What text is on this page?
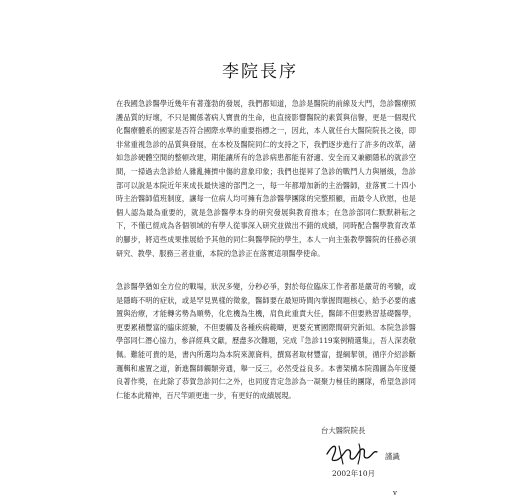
李院長序

在我國急診醫學近幾年有著蓬勃的發展，我們都知道，急診是醫院的前線及大門，急診醫療照護品質的好壞，不只是關係著病人寶貴的生命，也直接影響醫院的素質與信譽，更是一個現代化醫療體系的國家是否符合國際水準的重要指標之一，因此，本人就任台大醫院院長之後，即非常重視急診的品質與發展，在本校及醫院同仁的支持之下，我們逐步進行了許多的改革，諸如急診硬體空間的整頓改建，期能讓所有的急診病患都能有舒適、安全而又兼顧隱私的就診空間，一掃過去急診給人雜亂擁擠中傷的意象印象；我們也提昇了急診的戰鬥人力與層級，急診部可以說是本院近年來成長最快速的部門之一，每一年都增加新的主治醫師，並落實二十四小時主治醫師值班制度，讓每一位病人均可擁有急診醫學團隊的完整照顧，而最令人欣慰，也是個人認為最為重要的，就是急診醫學本身的研究發展與教育推本；在急診部同仁默默耕耘之下，不僅已經成為各個領域的有學人從事深入研究並做出不錯的成績，同時配合醫學教育改革的腳步，將這些成果推展給予其他的同仁與醫學院的學生，本人一向主張教學醫院的任務必須研究、教學、服務三者並重，本院的急診正在落實這項醫學使命。

急診醫學猶如全方位的戰場，狀況多變，分秒必爭，對於每位臨床工作者都是嚴苛的考驗，或是隱晦不明的症狀，或是罕見異樣的徵象，醫師要在最短時間內掌握問題核心，給予必要的處置與治療，才能轉劣勢為順勢，化危機為生機，肩負此重責大任，醫師不但要熟習基礎醫學，更要累積豐富的臨床經驗，不但要觸及各種疾病範疇，更要充實國際間研究新知。本院急診醫學部同仁潛心協力，參詳經典文獻，歷盡多次難題，完成『急診119案例精選集』，吾人深表敬佩。難能可貴的是，書內所選均為本院來源資料，撰寫者取材豐富，提綱挈領，循序介紹診斷邏輯和處置之道，新進醫師觸類旁通，舉一反三，必然受益良多。本書架構本院鴻圖為年度優良著作獎，在此除了恭賀急診同仁之外，也同度肯定急診為一凝聚力極佳的團隊，希望急診同仁能本此精神，百尺竿頭更進一步，有更好的成績展現。

台大醫院院長
謹識
2002年10月
v
